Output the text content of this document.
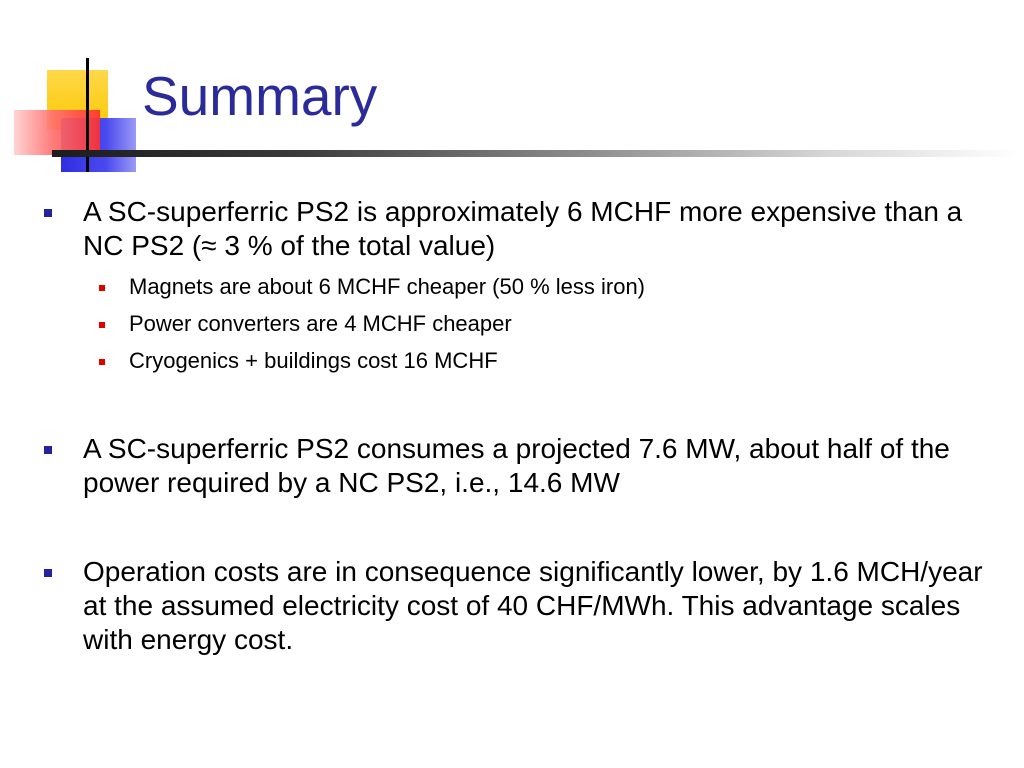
Summary
A SC-superferric PS2 is approximately 6 MCHF more expensive than a NC PS2 (≈ 3 % of the total value)
Magnets are about 6 MCHF cheaper (50 % less iron)
Power converters are 4 MCHF cheaper
Cryogenics + buildings cost 16 MCHF
A SC-superferric PS2 consumes a projected 7.6 MW, about half of the power required by a NC PS2, i.e., 14.6 MW
Operation costs are in consequence significantly lower, by 1.6 MCH/year at the assumed electricity cost of 40 CHF/MWh. This advantage scales with energy cost.
